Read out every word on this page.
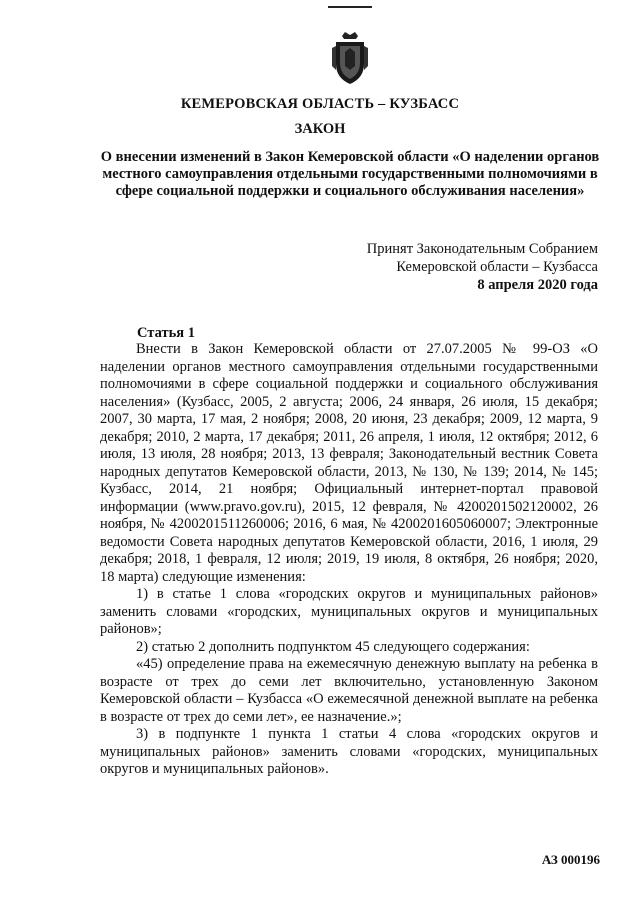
КЕМЕРОВСКАЯ ОБЛАСТЬ – КУЗБАСС
ЗАКОН
О внесении изменений в Закон Кемеровской области «О наделении органов местного самоуправления отдельными государственными полномочиями в сфере социальной поддержки и социального обслуживания населения»
Принят Законодательным Собранием
Кемеровской области – Кузбасса
8 апреля 2020 года
Статья 1

Внести в Закон Кемеровской области от 27.07.2005 № 99-ОЗ «О наделении органов местного самоуправления отдельными государственными полномочиями в сфере социальной поддержки и социального обслуживания населения» (Кузбасс, 2005, 2 августа; 2006, 24 января, 26 июля, 15 декабря; 2007, 30 марта, 17 мая, 2 ноября; 2008, 20 июня, 23 декабря; 2009, 12 марта, 9 декабря; 2010, 2 марта, 17 декабря; 2011, 26 апреля, 1 июля, 12 октября; 2012, 6 июля, 13 июля, 28 ноября; 2013, 13 февраля; Законодательный вестник Совета народных депутатов Кемеровской области, 2013, № 130, № 139; 2014, № 145; Кузбасс, 2014, 21 ноября; Официальный интернет-портал правовой информации (www.pravo.gov.ru), 2015, 12 февраля, № 4200201502120002, 26 ноября, № 4200201511260006; 2016, 6 мая, № 4200201605060007; Электронные ведомости Совета народных депутатов Кемеровской области, 2016, 1 июля, 29 декабря; 2018, 1 февраля, 12 июля; 2019, 19 июля, 8 октября, 26 ноября; 2020, 18 марта) следующие изменения:

1) в статье 1 слова «городских округов и муниципальных районов» заменить словами «городских, муниципальных округов и муниципальных районов»;

2) статью 2 дополнить подпунктом 45 следующего содержания:

«45) определение права на ежемесячную денежную выплату на ребенка в возрасте от трех до семи лет включительно, установленную Законом Кемеровской области – Кузбасса «О ежемесячной денежной выплате на ребенка в возрасте от трех до семи лет», ее назначение.»;

3) в подпункте 1 пункта 1 статьи 4 слова «городских округов и муниципальных районов» заменить словами «городских, муниципальных округов и муниципальных районов».

АЗ 000196
